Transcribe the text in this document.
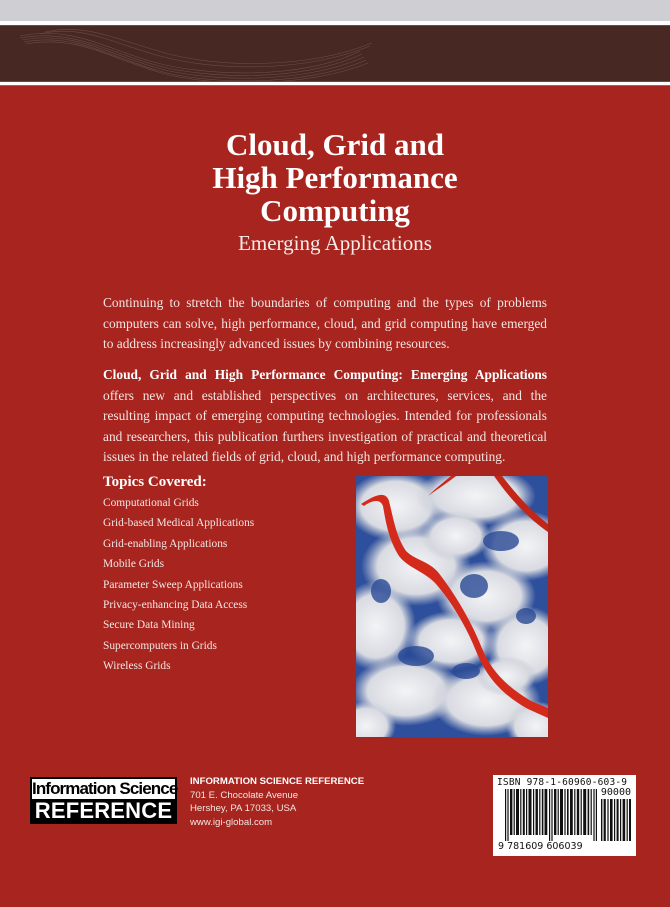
Cloud, Grid and
High Performance
Computing
Emerging Applications

Continuing to stretch the boundaries of computing and the types of problems computers can solve, high performance, cloud, and grid computing have emerged to address increasingly advanced issues by combining resources.

Cloud, Grid and High Performance Computing: Emerging Applications offers new and established perspectives on architectures, services, and the resulting impact of emerging computing technologies. Intended for professionals and researchers, this publication furthers investigation of practical and theoretical issues in the related fields of grid, cloud, and high performance computing.

Topics Covered:
Computational Grids
Grid-based Medical Applications
Grid-enabling Applications
Mobile Grids
Parameter Sweep Applications
Privacy-enhancing Data Access
Secure Data Mining
Supercomputers in Grids
Wireless Grids
Information Science
REFERENCE
INFORMATION SCIENCE REFERENCE
701 E. Chocolate Avenue
Hershey, PA 17033, USA
www.igi-global.com
ISBN 978-1-60960-603-9
90000
9 781609 606039
